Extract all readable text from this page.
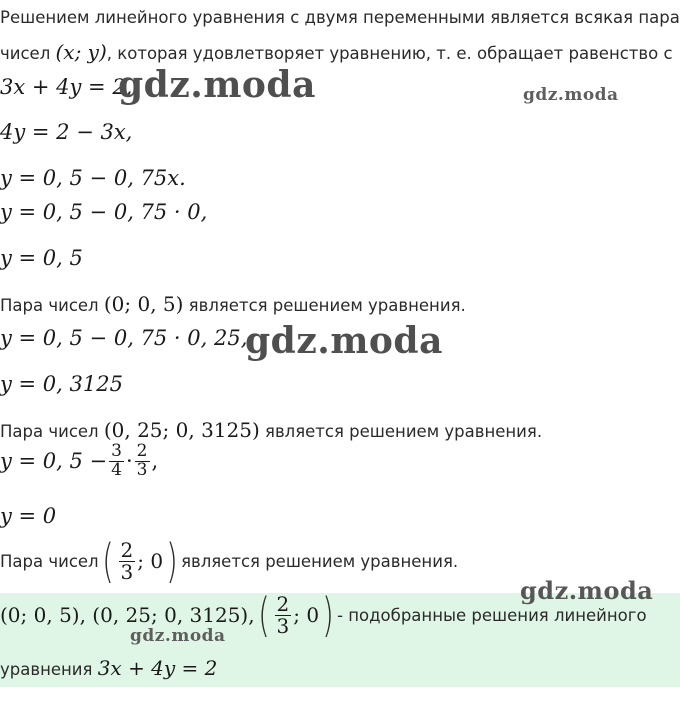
Решением линейного уравнения с двумя переменными является всякая пара
чисел (x; y), которая удовлетворяет уравнению, т. е. обращает равенство с
3x + 4y = 2,
4y = 2 − 3x,
y = 0, 5 − 0, 75x.
y = 0, 5 − 0, 75 · 0,
y = 0, 5
Пара чисел (0; 0, 5) является решением уравнения.
y = 0, 5 − 0, 75 · 0, 25,
y = 0, 3125
Пара чисел (0, 25; 0, 3125) является решением уравнения.
y = 0, $5 - \frac{3}{4} \cdot \frac{2}{3}$ ,
y = 0
Пара чисел ( $\frac{2}{3}$ ; 0 ) является решением уравнения.
(0; 0, 5), (0, 25; 0, 3125), ( $\frac{2}{3}$ ; 0 ) - подобранные решения линейного
уравнения 3x + 4y = 2
gdz.moda	gdz.moda
gdz.moda
gdz.moda
gdz.moda
